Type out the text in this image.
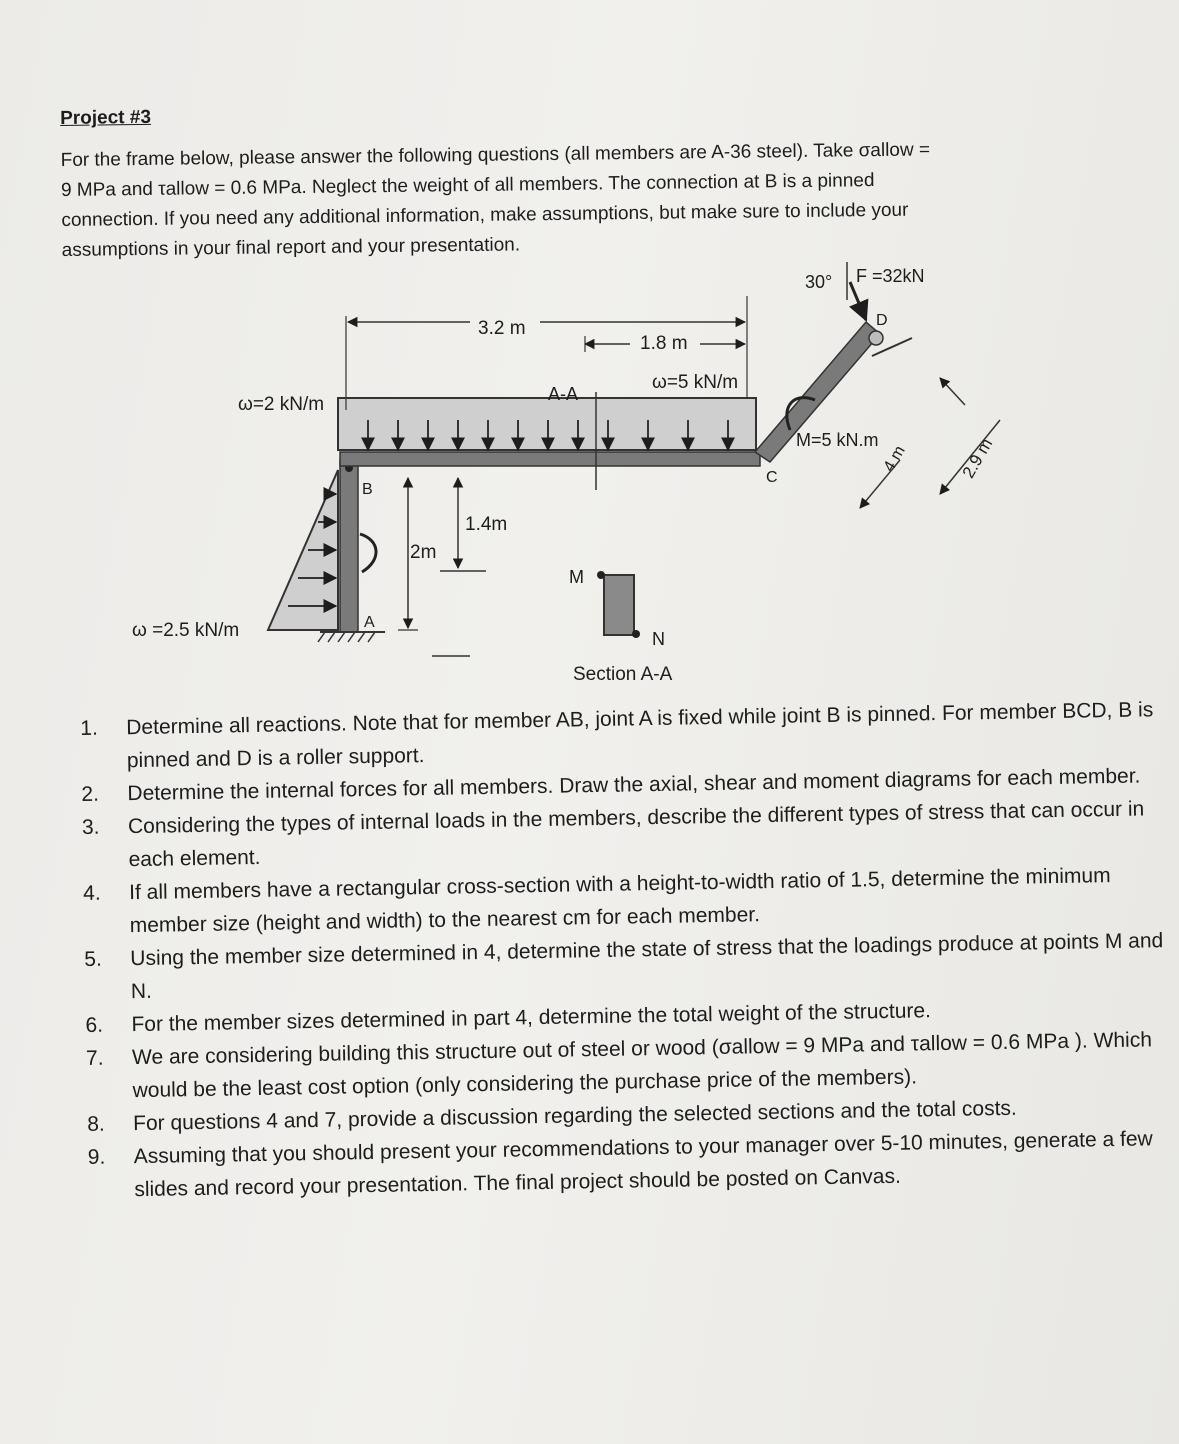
Project #3
For the frame below, please answer the following questions (all members are A-36 steel). Take σallow =
9 MPa and τallow = 0.6 MPa. Neglect the weight of all members. The connection at B is a pinned
connection. If you need any additional information, make assumptions, but make sure to include your
assumptions in your final report and your presentation.
ω=2 kN/m
ω =2.5 kN/m
ω=5 kN/m
3.2 m
1.8 m
1.4m
2m
A-A
30° F =32kN
M=5 kN.m
4 m	2.9 m
A
B
C
D
M
N
Section A-A
1.	Determine all reactions. Note that for member AB, joint A is fixed while joint B is pinned. For member BCD, B is pinned and D is a roller support.
2.	Determine the internal forces for all members. Draw the axial, shear and moment diagrams for each member.
3.	Considering the types of internal loads in the members, describe the different types of stress that can occur in each element.
4.	If all members have a rectangular cross-section with a height-to-width ratio of 1.5, determine the minimum member size (height and width) to the nearest cm for each member.
5.	Using the member size determined in 4, determine the state of stress that the loadings produce at points M and N.
6.	For the member sizes determined in part 4, determine the total weight of the structure.
7.	We are considering building this structure out of steel or wood (σallow = 9 MPa and τallow = 0.6 MPa ). Which would be the least cost option (only considering the purchase price of the members).
8.	For questions 4 and 7, provide a discussion regarding the selected sections and the total costs.
9.	Assuming that you should present your recommendations to your manager over 5-10 minutes, generate a few slides and record your presentation. The final project should be posted on Canvas.
